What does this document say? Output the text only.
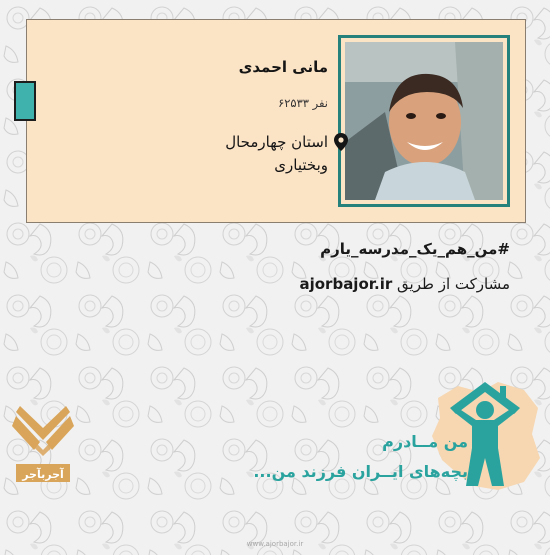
مانی احمدی
نفر ۶۲۵۳۳
استان چهارمحال وبختیاری
#من_هم_یک_مدرسه_یارم
مشارکت از طریق ajorbajor.ir
آجربآجر
www.ajorbajor.ir
من مــادرم
بچه‌های ایــران فرزند من...
